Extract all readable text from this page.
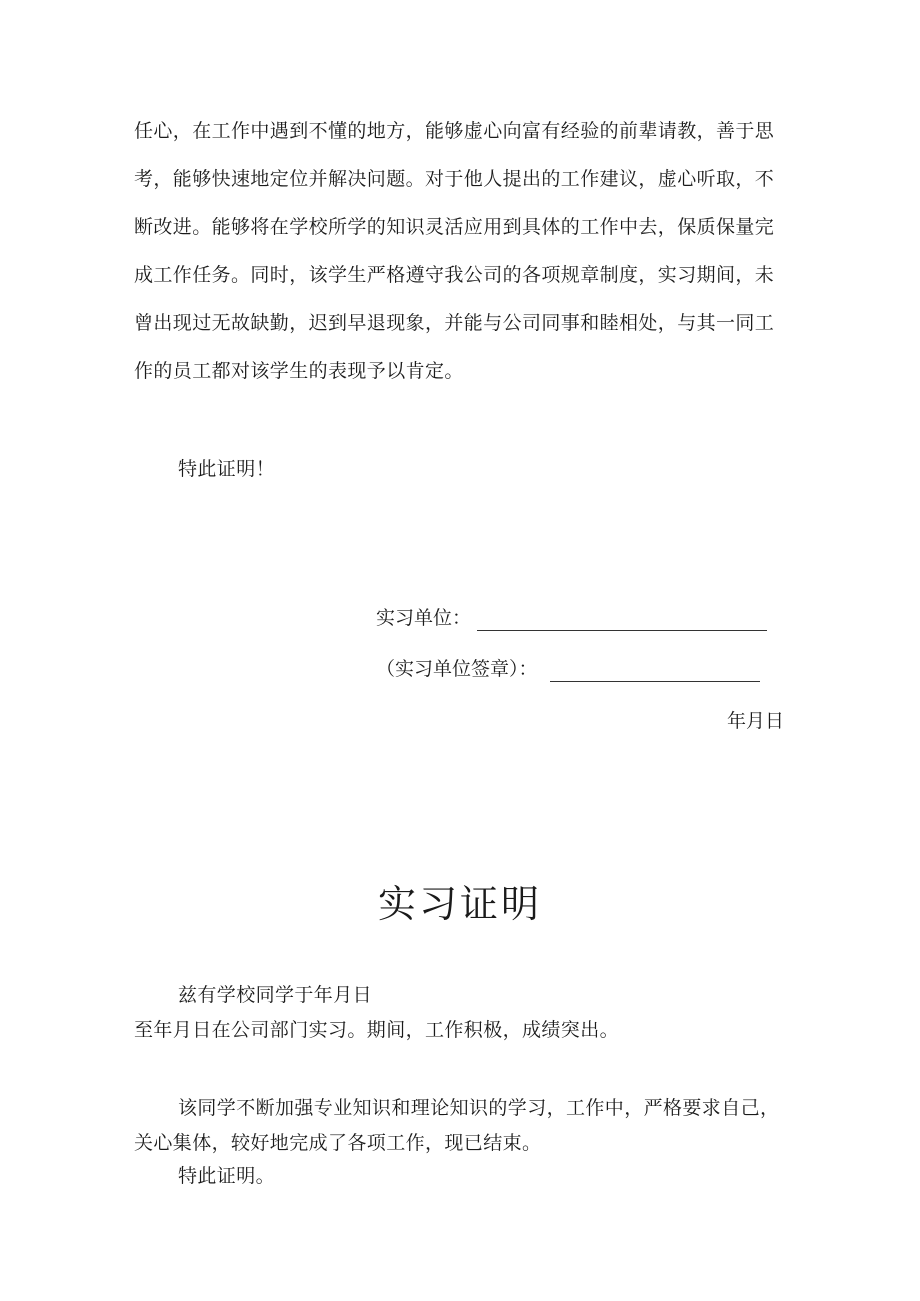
任心，在工作中遇到不懂的地方，能够虚心向富有经验的前辈请教，善于思

考，能够快速地定位并解决问题。对于他人提出的工作建议，虚心听取，不

断改进。能够将在学校所学的知识灵活应用到具体的工作中去，保质保量完

成工作任务。同时，该学生严格遵守我公司的各项规章制度，实习期间，未

曾出现过无故缺勤，迟到早退现象，并能与公司同事和睦相处，与其一同工

作的员工都对该学生的表现予以肯定。

特此证明！

实习单位：
（实习单位签章）：
年月日
实习证明

兹有学校同学于年月日

至年月日在公司部门实习。期间，工作积极，成绩突出。

该同学不断加强专业知识和理论知识的学习，工作中，严格要求自己，

关心集体，较好地完成了各项工作，现已结束。

特此证明。
